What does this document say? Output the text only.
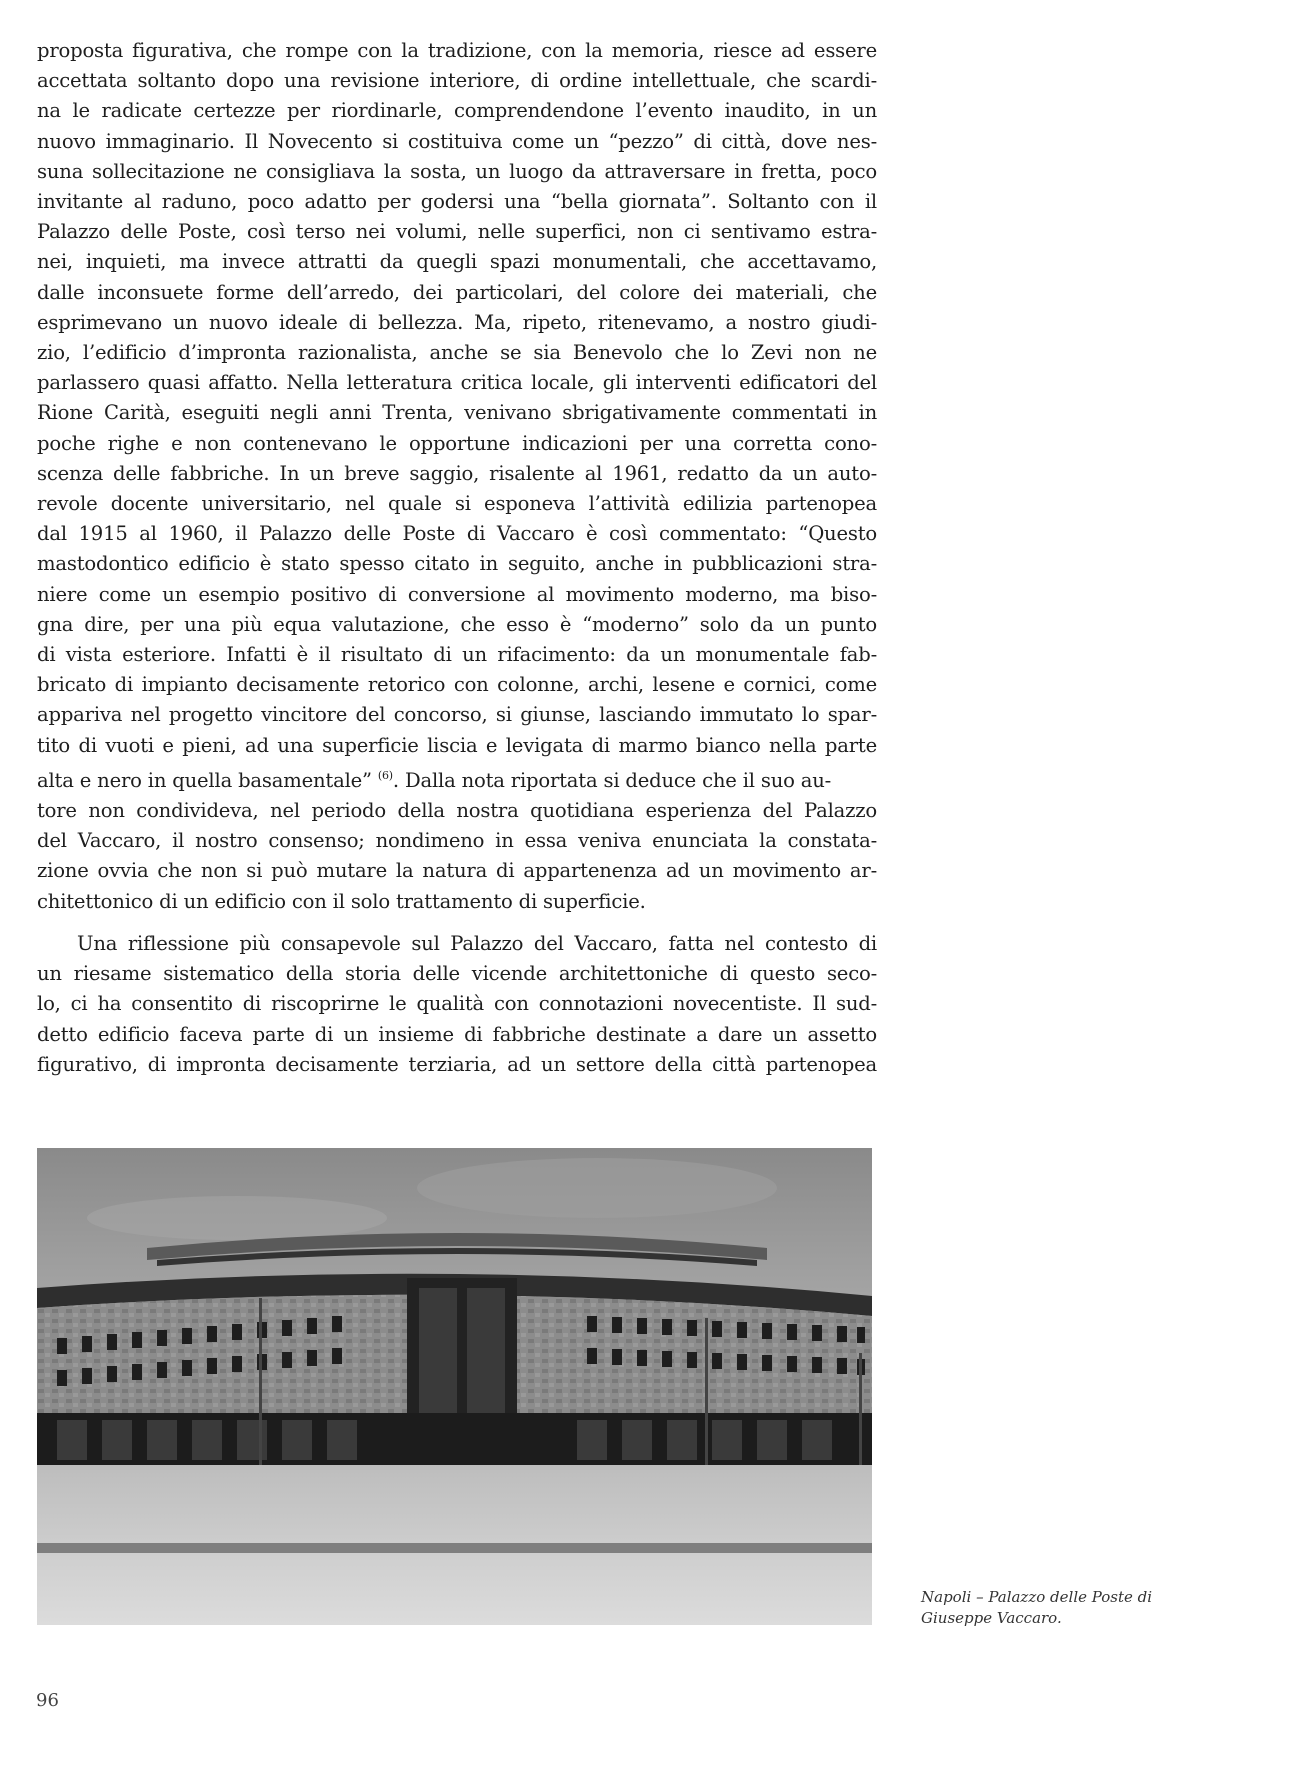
proposta figurativa, che rompe con la tradizione, con la memoria, riesce ad essere
accettata soltanto dopo una revisione interiore, di ordine intellettuale, che scardi-
na le radicate certezze per riordinarle, comprendendone l’evento inaudito, in un
nuovo immaginario. Il Novecento si costituiva come un “pezzo” di città, dove nes-
suna sollecitazione ne consigliava la sosta, un luogo da attraversare in fretta, poco
invitante al raduno, poco adatto per godersi una “bella giornata”. Soltanto con il
Palazzo delle Poste, così terso nei volumi, nelle superfici, non ci sentivamo estra-
nei, inquieti, ma invece attratti da quegli spazi monumentali, che accettavamo,
dalle inconsuete forme dell’arredo, dei particolari, del colore dei materiali, che
esprimevano un nuovo ideale di bellezza. Ma, ripeto, ritenevamo, a nostro giudi-
zio, l’edificio d’impronta razionalista, anche se sia Benevolo che lo Zevi non ne
parlassero quasi affatto. Nella letteratura critica locale, gli interventi edificatori del
Rione Carità, eseguiti negli anni Trenta, venivano sbrigativamente commentati in
poche righe e non contenevano le opportune indicazioni per una corretta cono-
scenza delle fabbriche. In un breve saggio, risalente al 1961, redatto da un auto-
revole docente universitario, nel quale si esponeva l’attività edilizia partenopea
dal 1915 al 1960, il Palazzo delle Poste di Vaccaro è così commentato: “Questo
mastodontico edificio è stato spesso citato in seguito, anche in pubblicazioni stra-
niere come un esempio positivo di conversione al movimento moderno, ma biso-
gna dire, per una più equa valutazione, che esso è “moderno” solo da un punto
di vista esteriore. Infatti è il risultato di un rifacimento: da un monumentale fab-
bricato di impianto decisamente retorico con colonne, archi, lesene e cornici, come
appariva nel progetto vincitore del concorso, si giunse, lasciando immutato lo spar-
tito di vuoti e pieni, ad una superficie liscia e levigata di marmo bianco nella parte
alta e nero in quella basamentale” $^{(6)}$. Dalla nota riportata si deduce che il suo au-
tore non condivideva, nel periodo della nostra quotidiana esperienza del Palazzo
del Vaccaro, il nostro consenso; nondimeno in essa veniva enunciata la constata-
zione ovvia che non si può mutare la natura di appartenenza ad un movimento ar-
chitettonico di un edificio con il solo trattamento di superficie.

Una riflessione più consapevole sul Palazzo del Vaccaro, fatta nel contesto di
un riesame sistematico della storia delle vicende architettoniche di questo seco-
lo, ci ha consentito di riscoprirne le qualità con connotazioni novecentiste. Il sud-
detto edificio faceva parte di un insieme di fabbriche destinate a dare un assetto
figurativo, di impronta decisamente terziaria, ad un settore della città partenopea

Napoli – Palazzo delle Poste di
Giuseppe Vaccaro.
96
